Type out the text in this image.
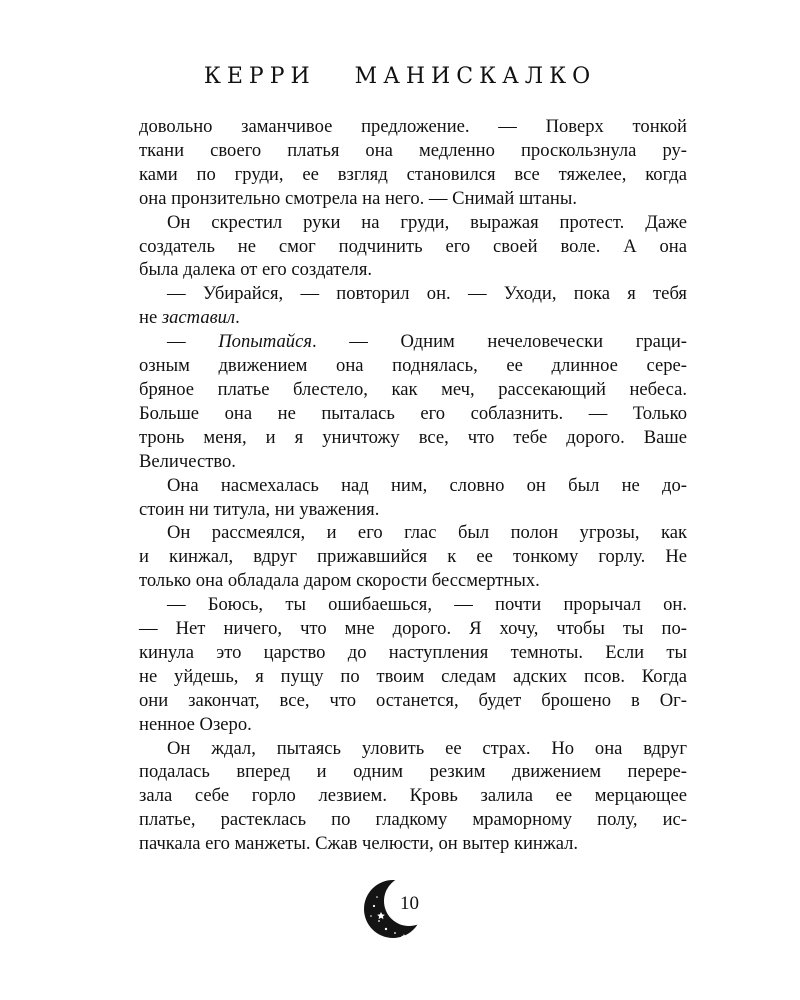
КЕРРИ МАНИСКАЛКО

довольно заманчивое предложение. — Поверх тонкой
ткани своего платья она медленно проскользнула ру-
ками по груди, ее взгляд становился все тяжелее, когда
она пронзительно смотрела на него. — Снимай штаны.

Он скрестил руки на груди, выражая протест. Даже
создатель не смог подчинить его своей воле. А она
была далека от его создателя.

— Убирайся, — повторил он. — Уходи, пока я тебя
не заставил.

— Попытайся. — Одним нечеловечески граци-
озным движением она поднялась, ее длинное сере-
бряное платье блестело, как меч, рассекающий небеса.
Больше она не пыталась его соблазнить. — Только
тронь меня, и я уничтожу все, что тебе дорого. Ваше
Величество.

Она насмехалась над ним, словно он был не до-
стоин ни титула, ни уважения.

Он рассмеялся, и его глас был полон угрозы, как
и кинжал, вдруг прижавшийся к ее тонкому горлу. Не
только она обладала даром скорости бессмертных.

— Боюсь, ты ошибаешься, — почти прорычал он.
— Нет ничего, что мне дорого. Я хочу, чтобы ты по-
кинула это царство до наступления темноты. Если ты
не уйдешь, я пущу по твоим следам адских псов. Когда
они закончат, все, что останется, будет брошено в Ог-
ненное Озеро.

Он ждал, пытаясь уловить ее страх. Но она вдруг
подалась вперед и одним резким движением перере-
зала себе горло лезвием. Кровь залила ее мерцающее
платье, растеклась по гладкому мраморному полу, ис-
пачкала его манжеты. Сжав челюсти, он вытер кинжал.

10
